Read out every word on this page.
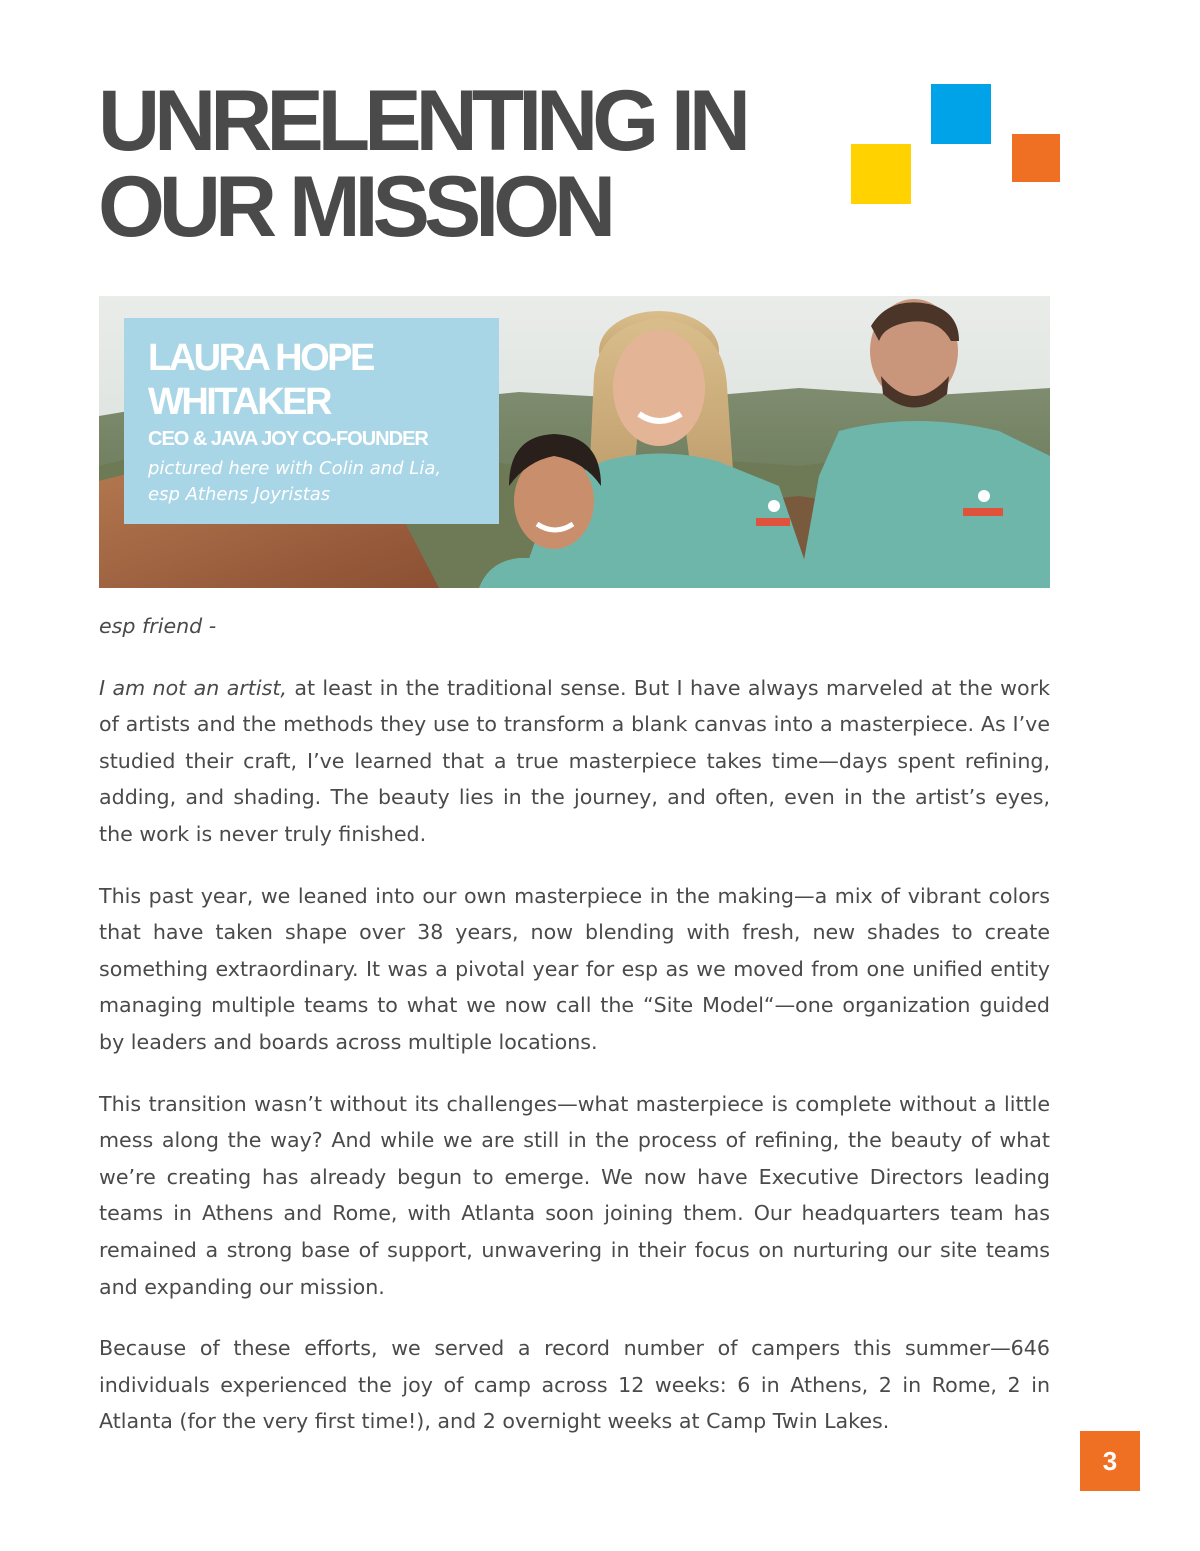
UNRELENTING IN
OUR MISSION
LAURA HOPE WHITAKER

CEO & JAVA JOY CO-FOUNDER

pictured here with Colin and Lia, esp Athens Joyristas

esp friend -

I am not an artist, at least in the traditional sense. But I have always marveled at the work of artists and the methods they use to transform a blank canvas into a masterpiece. As I’ve studied their craft, I’ve learned that a true masterpiece takes time—days spent refining, adding, and shading. The beauty lies in the journey, and often, even in the artist’s eyes, the work is never truly finished.

This past year, we leaned into our own masterpiece in the making—a mix of vibrant colors that have taken shape over 38 years, now blending with fresh, new shades to create something extraordinary. It was a pivotal year for esp as we moved from one unified entity managing multiple teams to what we now call the “Site Model“—one organization guided by leaders and boards across multiple locations.

This transition wasn’t without its challenges—what masterpiece is complete without a little mess along the way? And while we are still in the process of refining, the beauty of what we’re creating has already begun to emerge. We now have Executive Directors leading teams in Athens and Rome, with Atlanta soon joining them. Our headquarters team has remained a strong base of support, unwavering in their focus on nurturing our site teams and expanding our mission.

Because of these efforts, we served a record number of campers this summer—646 individuals experienced the joy of camp across 12 weeks: 6 in Athens, 2 in Rome, 2 in Atlanta (for the very first time!), and 2 overnight weeks at Camp Twin Lakes.

3
